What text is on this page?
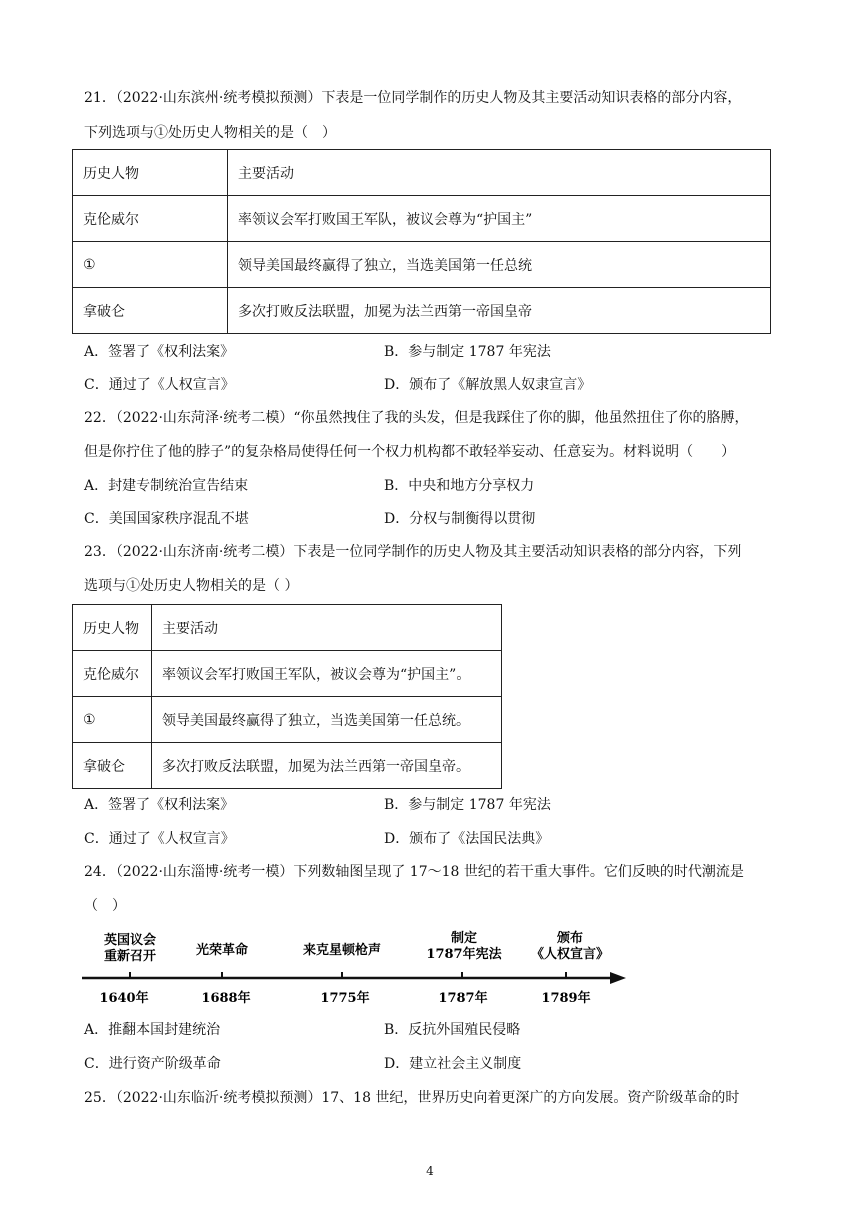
21．（2022·山东滨州·统考模拟预测）下表是一位同学制作的历史人物及其主要活动知识表格的部分内容，
下列选项与①处历史人物相关的是（　）
历史人物	主要活动
克伦威尔	率领议会军打败国王军队，被议会尊为“护国主”
①	领导美国最终赢得了独立，当选美国第一任总统
拿破仑	多次打败反法联盟，加冕为法兰西第一帝国皇帝
A．签署了《权利法案》	B．参与制定 1787 年宪法
C．通过了《人权宣言》	D．颁布了《解放黑人奴隶宣言》
22．（2022·山东菏泽·统考二模）“你虽然拽住了我的头发，但是我踩住了你的脚，他虽然扭住了你的胳膊，
但是你拧住了他的脖子”的复杂格局使得任何一个权力机构都不敢轻举妄动、任意妄为。材料说明（　　）
A．封建专制统治宣告结束	B．中央和地方分享权力
C．美国国家秩序混乱不堪	D．分权与制衡得以贯彻
23．（2022·山东济南·统考二模）下表是一位同学制作的历史人物及其主要活动知识表格的部分内容，下列
选项与①处历史人物相关的是（ ）
历史人物	主要活动
克伦威尔	率领议会军打败国王军队，被议会尊为“护国主”。
①	领导美国最终赢得了独立，当选美国第一任总统。
拿破仑	多次打败反法联盟，加冕为法兰西第一帝国皇帝。
A．签署了《权利法案》	B．参与制定 1787 年宪法
C．通过了《人权宣言》	D．颁布了《法国民法典》
24．（2022·山东淄博·统考一模）下列数轴图呈现了 17～18 世纪的若干重大事件。它们反映的时代潮流是
（　）
英国议会
重新召开
1640年
光荣革命
1688年
来克星顿枪声
1775年
制定
1787年宪法
1787年
颁布
《人权宣言》
1789年
A．推翻本国封建统治	B．反抗外国殖民侵略
C．进行资产阶级革命	D．建立社会主义制度
25．（2022·山东临沂·统考模拟预测）17、18 世纪，世界历史向着更深广的方向发展。资产阶级革命的时
4
